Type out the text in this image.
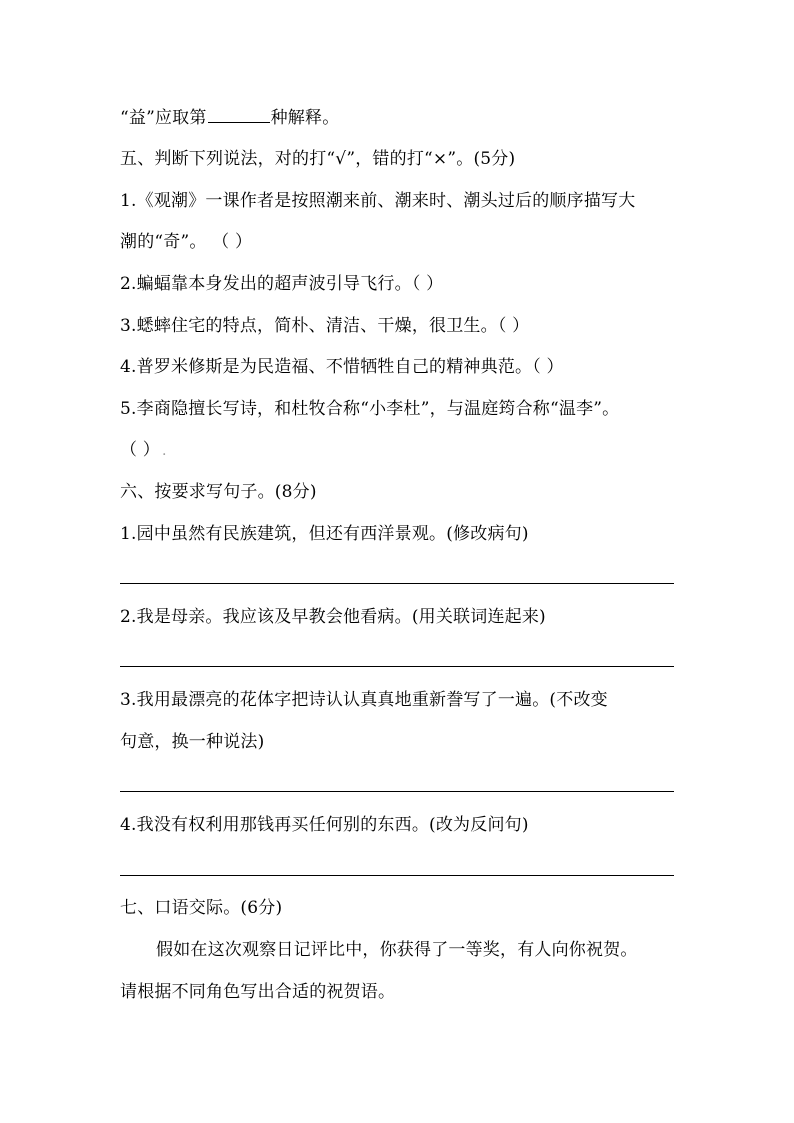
“益”应取第	种解释。
五、判断下列说法，对的打“√”，错的打“×”。(5分)
1.《观潮》一课作者是按照潮来前、潮来时、潮头过后的顺序描写大
潮的“奇”。 （ ）
2.蝙蝠靠本身发出的超声波引导飞行。（ ）
3.蟋蟀住宅的特点，简朴、清洁、干燥，很卫生。（ ）
4.普罗米修斯是为民造福、不惜牺牲自己的精神典范。（ ）
5.李商隐擅长写诗，和杜牧合称“小李杜”，与温庭筠合称“温李”。
（ ） .
六、按要求写句子。(8分)
1.园中虽然有民族建筑，但还有西洋景观。(修改病句)
2.我是母亲。我应该及早教会他看病。(用关联词连起来)
3.我用最漂亮的花体字把诗认认真真地重新誊写了一遍。(不改变
句意，换一种说法)
4.我没有权利用那钱再买任何别的东西。(改为反问句)
七、口语交际。(6分)
假如在这次观察日记评比中，你获得了一等奖，有人向你祝贺。
请根据不同角色写出合适的祝贺语。
